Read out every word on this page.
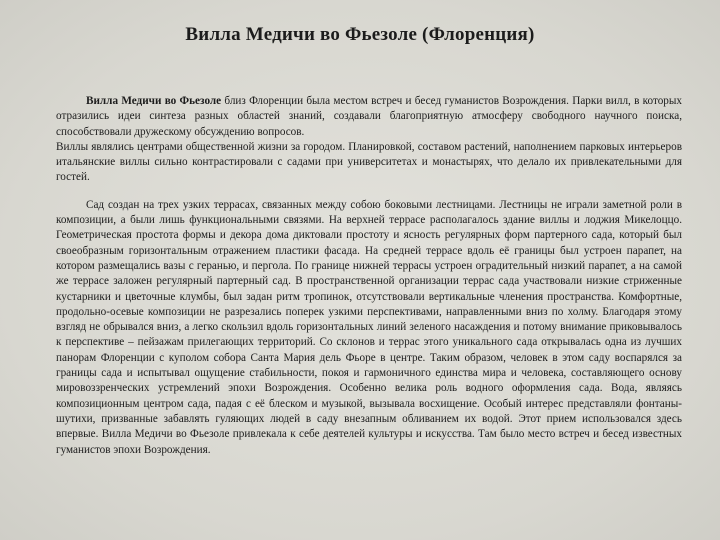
Вилла Медичи во Фьезоле (Флоренция)

Вилла Медичи во Фьезоле близ Флоренции была местом встреч и бесед гуманистов Возрождения. Парки вилл, в которых отразились идеи синтеза разных областей знаний, создавали благоприятную атмосферу свободного научного поиска, способствовали дружескому обсуждению вопросов.

Виллы являлись центрами общественной жизни за городом. Планировкой, составом растений, наполнением парковых интерьеров итальянские виллы сильно контрастировали с садами при университетах и монастырях, что делало их привлекательными для гостей.

Сад создан на трех узких террасах, связанных между собою боковыми лестницами. Лестницы не играли заметной роли в композиции, а были лишь функциональными связями. На верхней террасе располагалось здание виллы и лоджия Микелоццо. Геометрическая простота формы и декора дома диктовали простоту и ясность регулярных форм партерного сада, который был своеобразным горизонтальным отражением пластики фасада. На средней террасе вдоль её границы был устроен парапет, на котором размещались вазы с геранью, и пергола. По границе нижней террасы устроен оградительный низкий парапет, а на самой же террасе заложен регулярный партерный сад. В пространственной организации террас сада участвовали низкие стриженные кустарники и цветочные клумбы, был задан ритм тропинок, отсутствовали вертикальные членения пространства. Комфортные, продольно-осевые композиции не разрезались поперек узкими перспективами, направленными вниз по холму. Благодаря этому взгляд не обрывался вниз, а легко скользил вдоль горизонтальных линий зеленого насаждения и потому внимание приковывалось к перспективе – пейзажам прилегающих территорий. Со склонов и террас этого уникального сада открывалась одна из лучших панорам Флоренции с куполом собора Санта Мария дель Фьоре в центре. Таким образом, человек в этом саду воспарялся за границы сада и испытывал ощущение стабильности, покоя и гармоничного единства мира и человека, составляющего основу мировоззренческих устремлений эпохи Возрождения. Особенно велика роль водного оформления сада. Вода, являясь композиционным центром сада, падая с её блеском и музыкой, вызывала восхищение. Особый интерес представляли фонтаны-шутихи, призванные забавлять гуляющих людей в саду внезапным обливанием их водой. Этот прием использовался здесь впервые. Вилла Медичи во Фьезоле привлекала к себе деятелей культуры и искусства. Там было место встреч и бесед известных гуманистов эпохи Возрождения.
